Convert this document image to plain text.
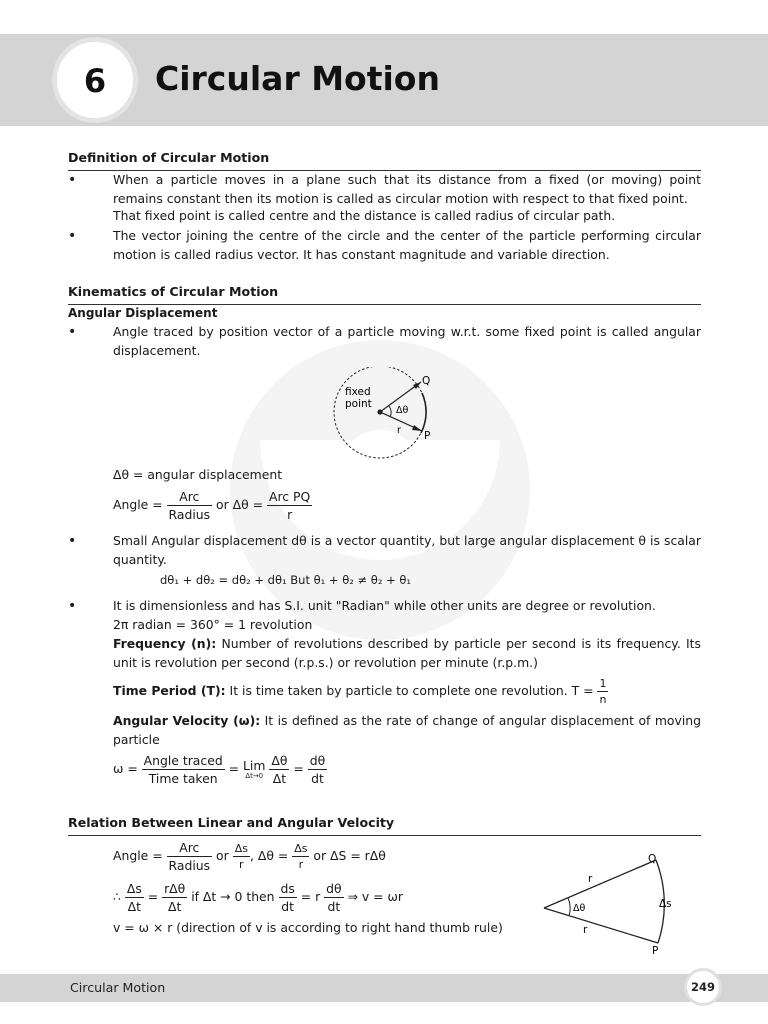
6	Circular Motion
Definition of Circular Motion
•	When a particle moves in a plane such that its distance from a fixed (or moving) point remains constant then its motion is called as circular motion with respect to that fixed point.
That fixed point is called centre and the distance is called radius of circular path.
•	The vector joining the centre of the circle and the center of the particle performing circular motion is called radius vector. It has constant magnitude and variable direction.
Kinematics of Circular Motion
Angular Displacement
•	Angle traced by position vector of a particle moving w.r.t. some fixed point is called angular displacement.
fixed
point
Q
P
Δθ
r
Δθ = angular displacement
Angle = $\frac{\text{Arc}}{\text{Radius}}$ or $\Delta\theta = \frac{\text{Arc PQ}}{r}$
•	Small Angular displacement dθ is a vector quantity, but large angular displacement θ is scalar quantity.
dθ₁ + dθ₂ = dθ₂ + dθ₁ But θ₁ + θ₂ ≠ θ₂ + θ₁
•	It is dimensionless and has S.I. unit "Radian" while other units are degree or revolution.
2π radian = 360° = 1 revolution
Frequency (n): Number of revolutions described by particle per second is its frequency. Its unit is revolution per second (r.p.s.) or revolution per minute (r.p.m.)
Time Period (T): It is time taken by particle to complete one revolution. $T = \frac{1}{n}$
Angular Velocity (ω): It is defined as the rate of change of angular displacement of moving particle
$\omega = \frac{\text{Angle traced}}{\text{Time taken}}$ = Lim
Δt→0
$\frac{\Delta\theta}{\Delta t} = \frac{d\theta}{dt}$
Relation Between Linear and Angular Velocity
Angle = $\frac{\text{Arc}}{\text{Radius}}$ or $\frac{\Delta s}{r}$ , $\Delta\theta = \frac{\Delta s}{r}$ or ΔS = rΔθ
∴ $\frac{\Delta s}{\Delta t} = \frac{\text{rΔθ}}{\Delta t}$ if Δt → 0 then $\frac{ds}{dt} = r \frac{d\theta}{dt}$ ⇒ v = ωr
v = ω × r (direction of v is according to right hand thumb rule)
Δθ
r
r
Δs
Q
P
Circular Motion	249
